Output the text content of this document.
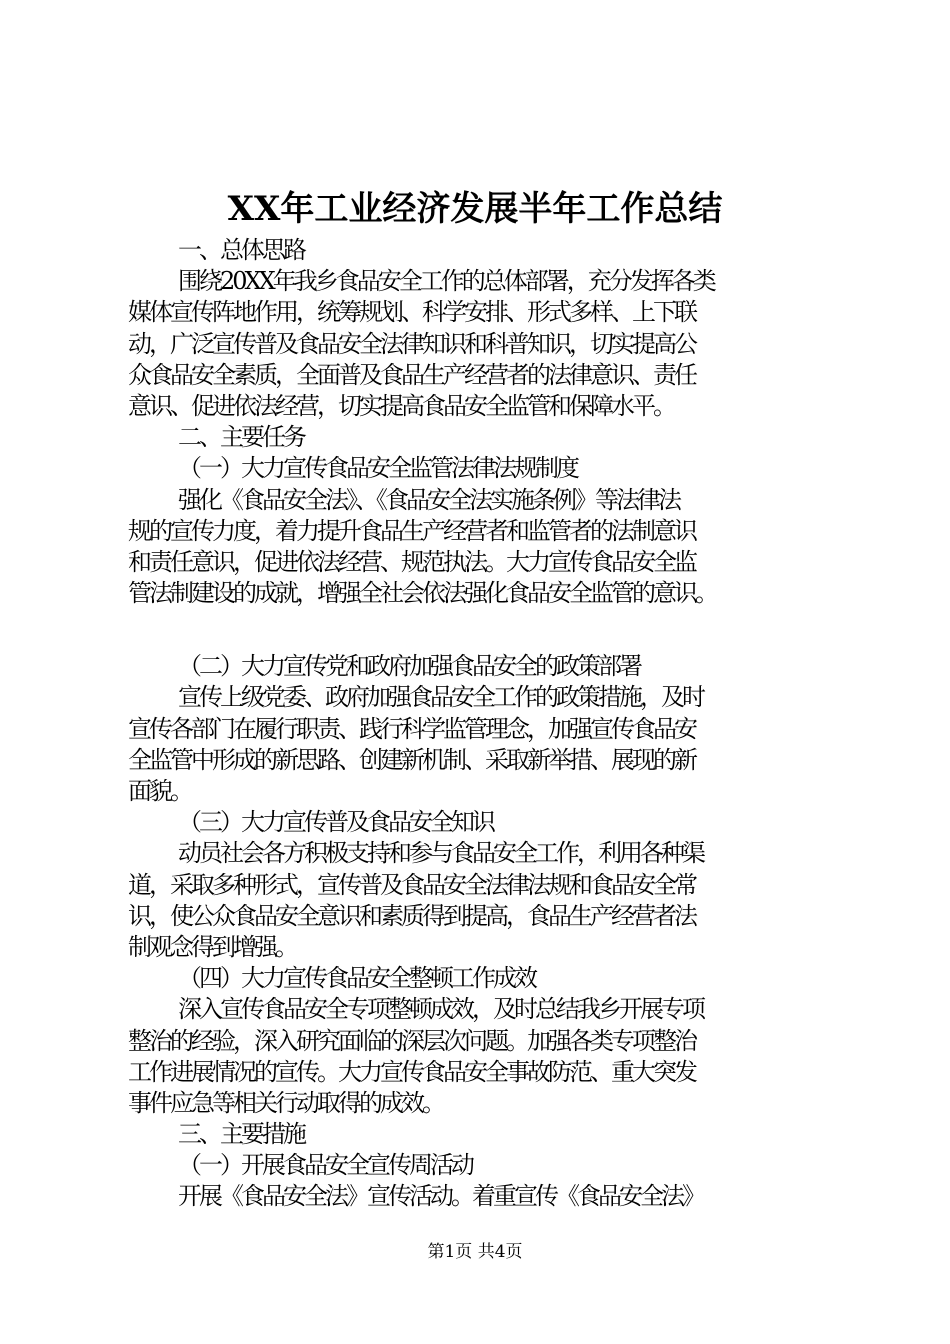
XX年工业经济发展半年工作总结
一、总体思路
围绕20XX年我乡食品安全工作的总体部署，充分发挥各类
媒体宣传阵地作用，统筹规划、科学安排、形式多样、上下联
动，广泛宣传普及食品安全法律知识和科普知识，切实提高公
众食品安全素质，全面普及食品生产经营者的法律意识、责任
意识、促进依法经营，切实提高食品安全监管和保障水平。
二、主要任务
（一）大力宣传食品安全监管法律法规制度
强化《食品安全法》、《食品安全法实施条例》等法律法
规的宣传力度，着力提升食品生产经营者和监管者的法制意识
和责任意识，促进依法经营、规范执法。大力宣传食品安全监
管法制建设的成就，增强全社会依法强化食品安全监管的意识。
（二）大力宣传党和政府加强食品安全的政策部署
宣传上级党委、政府加强食品安全工作的政策措施，及时
宣传各部门在履行职责、践行科学监管理念，加强宣传食品安
全监管中形成的新思路、创建新机制、采取新举措、展现的新
面貌。
（三）大力宣传普及食品安全知识
动员社会各方积极支持和参与食品安全工作，利用各种渠
道，采取多种形式，宣传普及食品安全法律法规和食品安全常
识，使公众食品安全意识和素质得到提高，食品生产经营者法
制观念得到增强。
（四）大力宣传食品安全整顿工作成效
深入宣传食品安全专项整顿成效，及时总结我乡开展专项
整治的经验，深入研究面临的深层次问题。加强各类专项整治
工作进展情况的宣传。大力宣传食品安全事故防范、重大突发
事件应急等相关行动取得的成效。
三、主要措施
（一）开展食品安全宣传周活动
开展《食品安全法》宣传活动。着重宣传《食品安全法》
第1页 共4页
